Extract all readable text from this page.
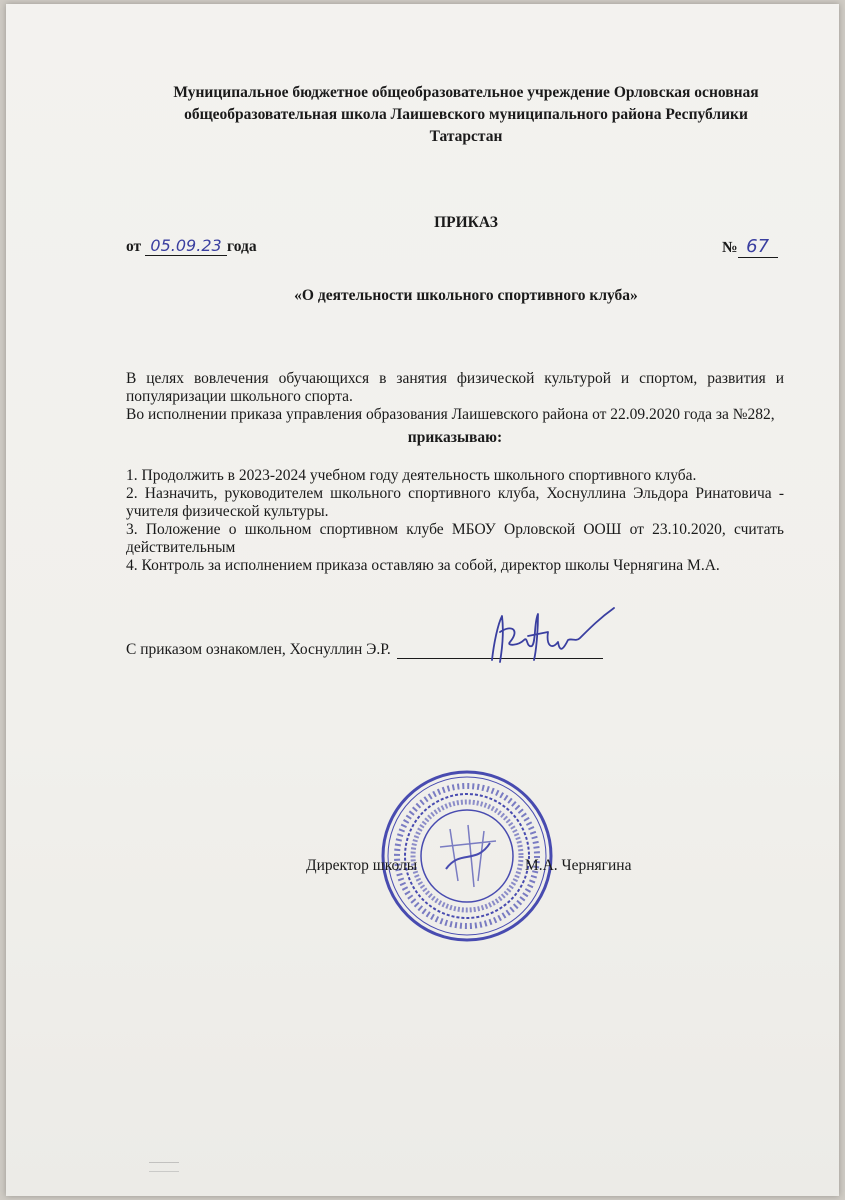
Муниципальное бюджетное общеобразовательное учреждение Орловская основная
общеобразовательная школа Лаишевского муниципального района Республики
Татарстан
ПРИКАЗ
от 05.09.23 года	№ 67
«О деятельности школьного спортивного клуба»

В целях вовлечения обучающихся в занятия физической культурой и спортом, развития и популяризации школьного спорта.

Во исполнении приказа управления образования Лаишевского района от 22.09.2020 года за №282,

приказываю:

1. Продолжить в 2023-2024 учебном году деятельность школьного спортивного клуба.

2. Назначить, руководителем школьного спортивного клуба, Хоснуллина Эльдора Ринатовича - учителя физической культуры.

3. Положение о школьном спортивном клубе МБОУ Орловской ООШ от 23.10.2020, считать действительным

4. Контроль за исполнением приказа оставляю за собой, директор школы Чернягина М.А.

С приказом ознакомлен, Хоснуллин Э.Р.
Директор школы	М.А. Чернягина
